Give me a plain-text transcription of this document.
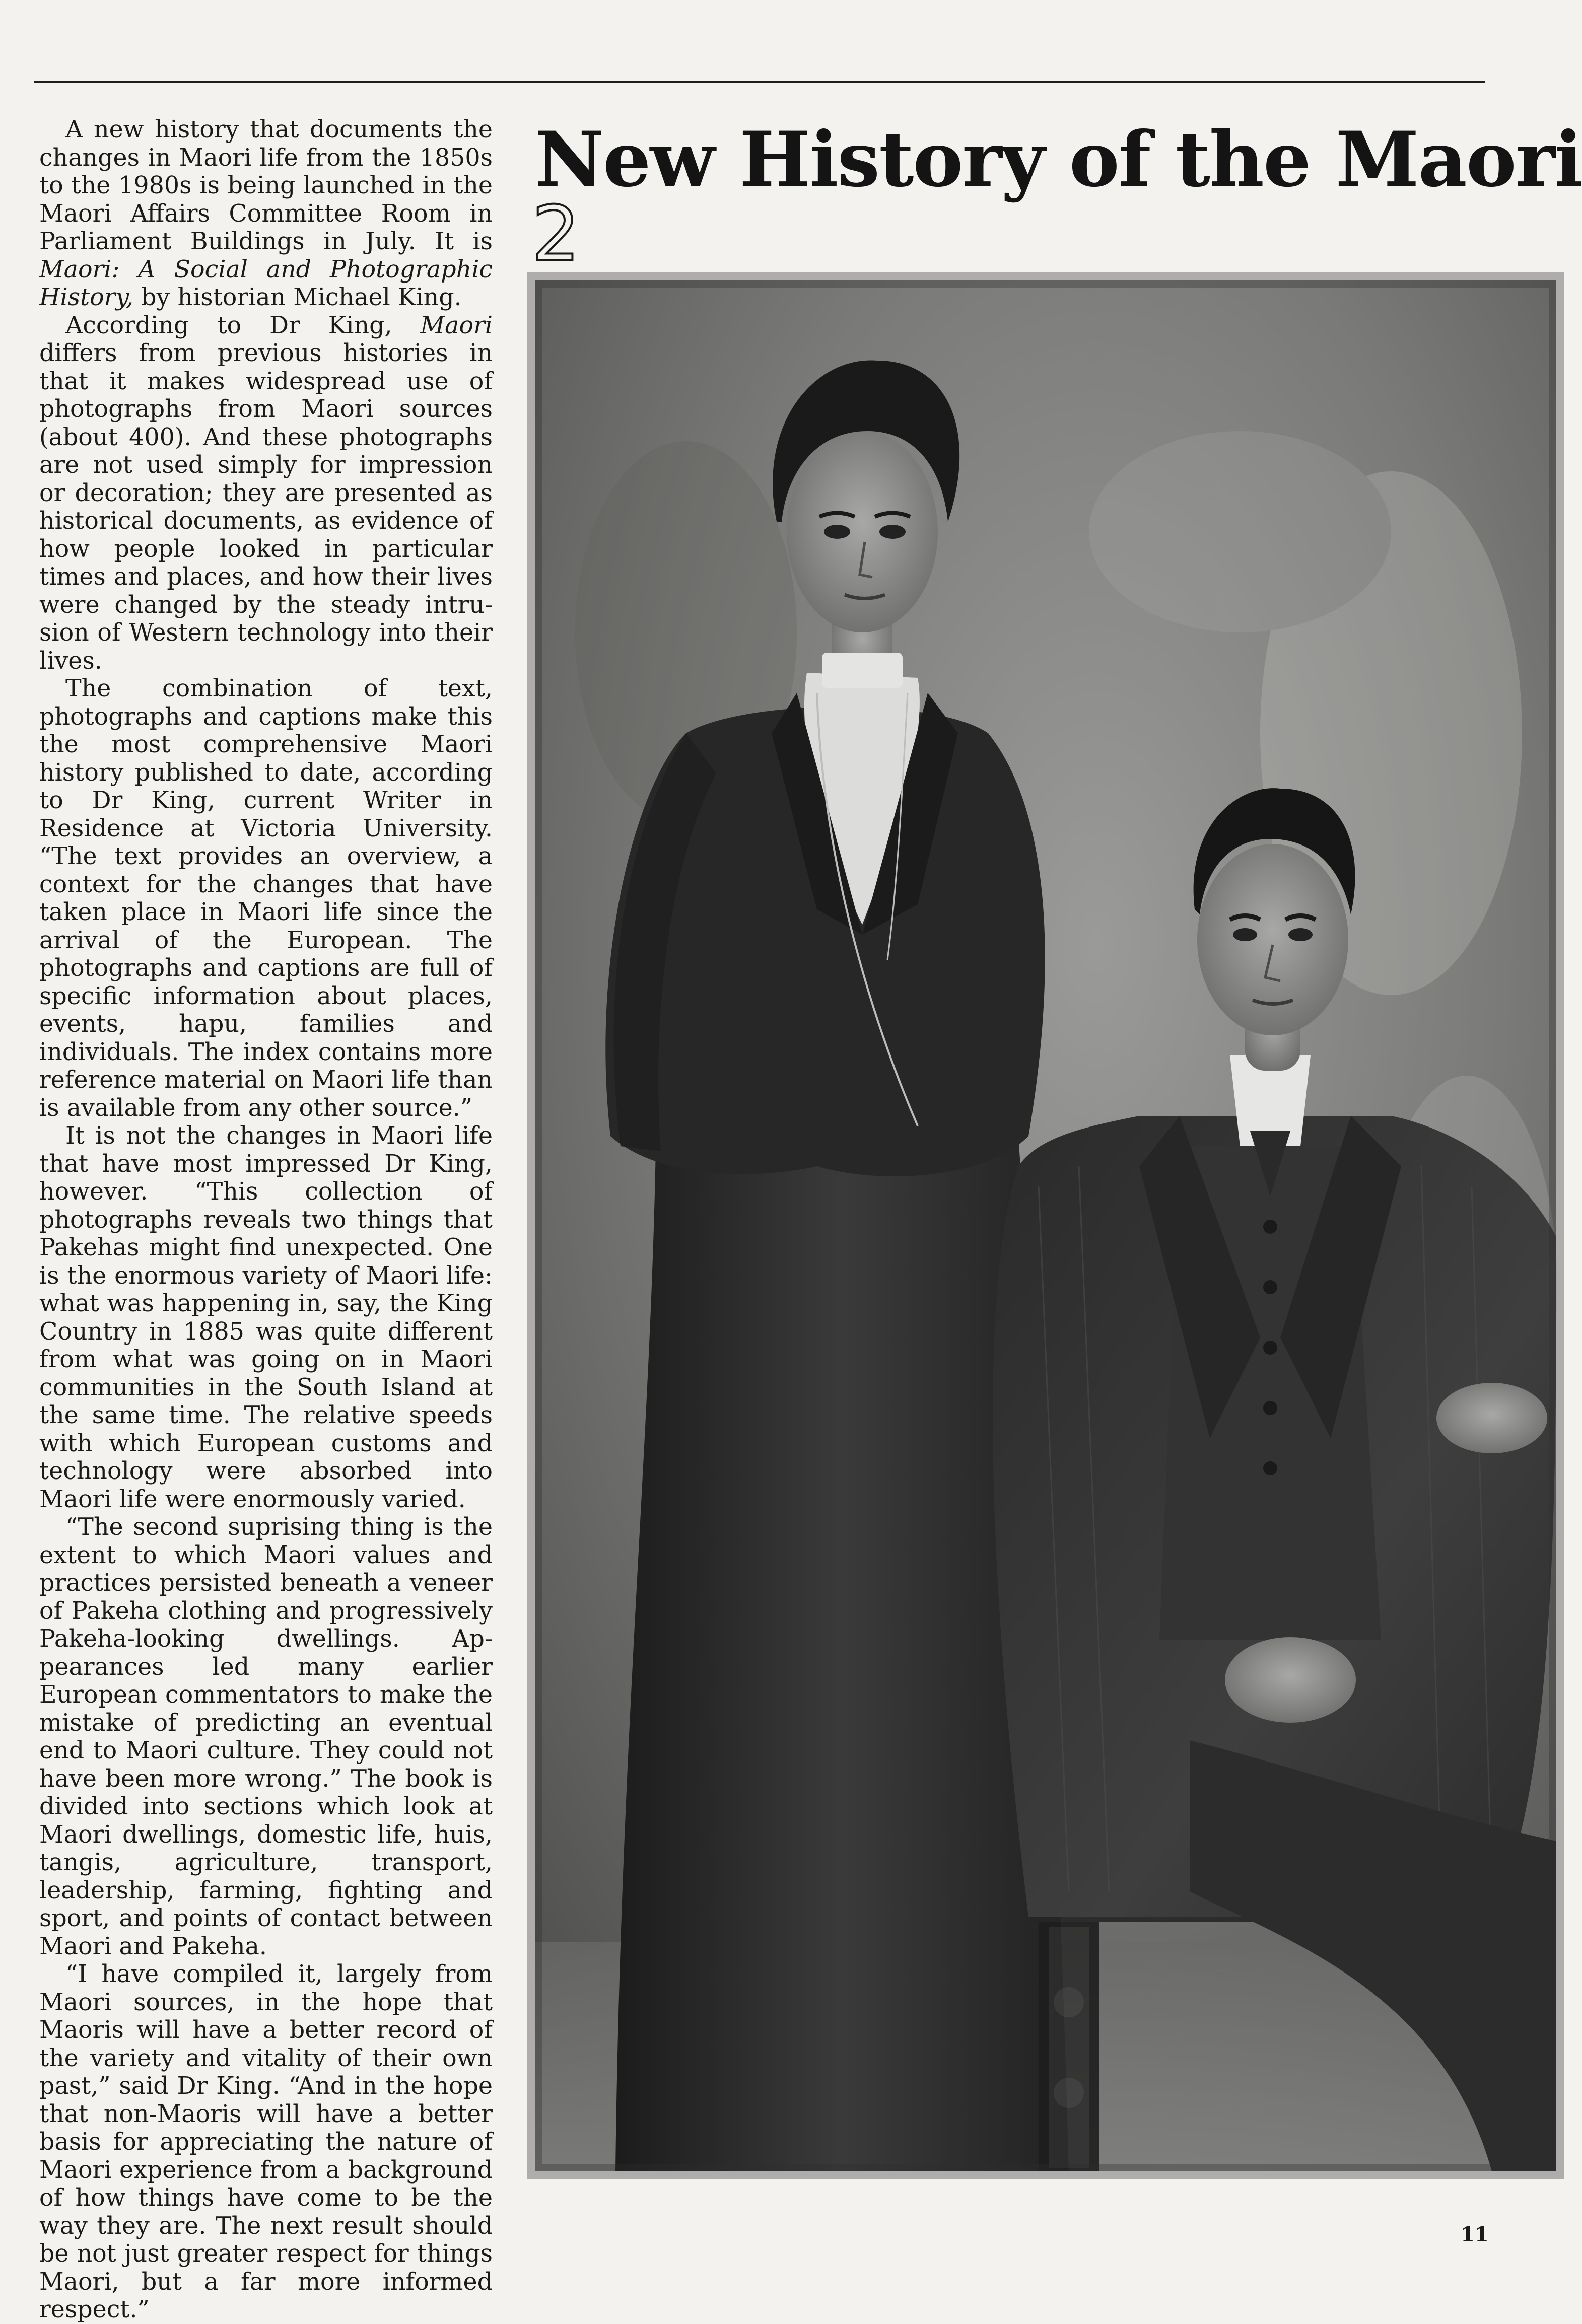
A new history that documents the changes in Maori life from the 1850s to the 1980s is being launched in the Maori Affairs Committee Room in Parliament Buildings in July. It is Maori: A Social and Photographic History, by historian Michael King.

According to Dr King, Maori differs from previous histories in that it makes widespread use of photographs from Maori sources (about 400). And these photographs are not used simply for impression or decoration; they are presented as historical documents, as evidence of how people looked in particular times and places, and how their lives were changed by the steady intrusion of Western technology into their lives.

The combination of text, photographs and captions make this the most comprehensive Maori history published to date, according to Dr King, current Writer in Residence at Victoria University. “The text provides an overview, a context for the changes that have taken place in Maori life since the arrival of the European. The photographs and captions are full of specific information about places, events, hapu, families and individuals. The index contains more reference material on Maori life than is available from any other source.”

It is not the changes in Maori life that have most impressed Dr King, however. “This collection of photographs reveals two things that Pakehas might find unexpected. One is the enormous variety of Maori life: what was happening in, say, the King Country in 1885 was quite different from what was going on in Maori communities in the South Island at the same time. The relative speeds with which European customs and technology were absorbed into Maori life were enormously varied.

“The second suprising thing is the extent to which Maori values and practices persisted beneath a veneer of Pakeha clothing and progressively Pakeha-looking dwellings. Appearances led many earlier European commentators to make the mistake of predicting an eventual end to Maori culture. They could not have been more wrong.” The book is divided into sections which look at Maori dwellings, domestic life, huis, tangis, agriculture, transport, leadership, farming, fighting and sport, and points of contact between Maori and Pakeha.

“I have compiled it, largely from Maori sources, in the hope that Maoris will have a better record of the variety and vitality of their own past,” said Dr King. “And in the hope that non-Maoris will have a better basis for appreciating the nature of Maori experience from a background of how things have come to be the way they are. The next result should be not just greater respect for things Maori, but a far more informed respect.”

New History of the Maori
2
11
